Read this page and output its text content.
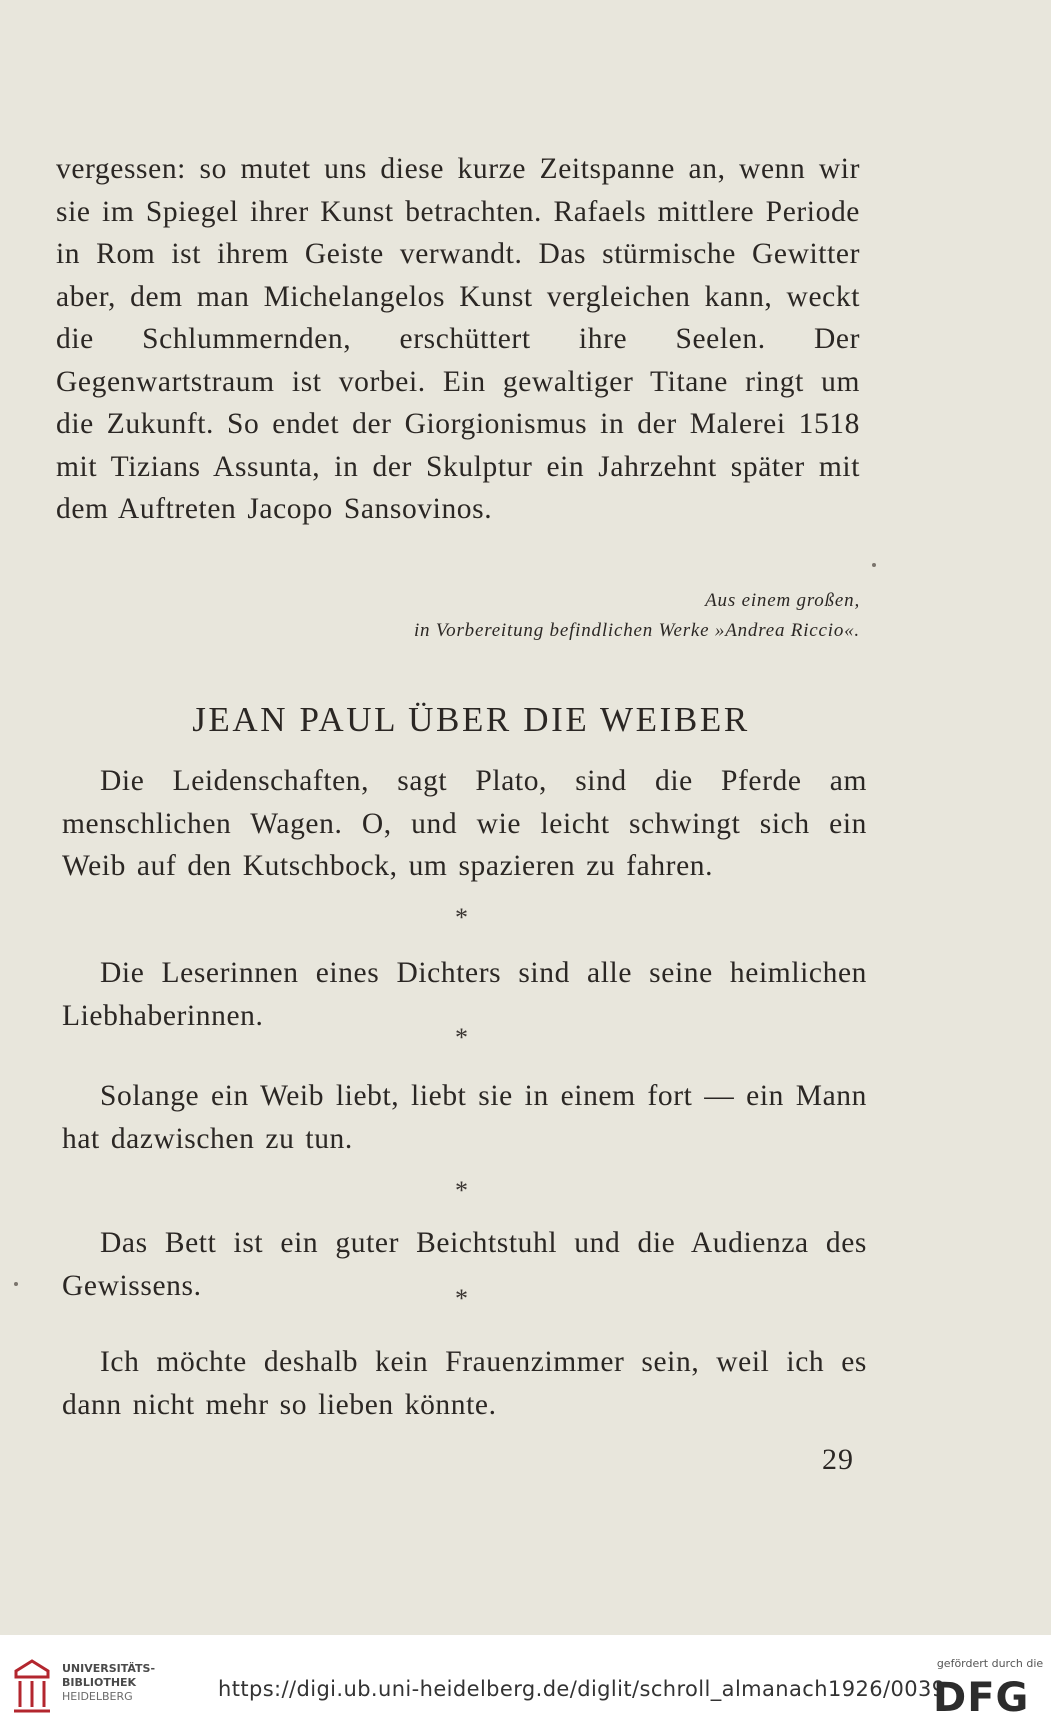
vergessen: so mutet uns diese kurze Zeitspanne an, wenn wir sie im Spiegel ihrer Kunst betrachten. Rafaels mittlere Periode in Rom ist ihrem Geiste verwandt. Das stürmische Gewitter aber, dem man Michelangelos Kunst vergleichen kann, weckt die Schlummernden, erschüttert ihre Seelen. Der Gegenwartstraum ist vorbei. Ein gewaltiger Titane ringt um die Zukunft. So endet der Giorgionismus in der Malerei 1518 mit Tizians Assunta, in der Skulptur ein Jahrzehnt später mit dem Auftreten Jacopo Sansovinos.

Aus einem großen,
in Vorbereitung befindlichen Werke »Andrea Riccio«.
JEAN PAUL ÜBER DIE WEIBER

Die Leidenschaften, sagt Plato, sind die Pferde am menschlichen Wagen. O, und wie leicht schwingt sich ein Weib auf den Kutschbock, um spazieren zu fahren.

*

Die Leserinnen eines Dichters sind alle seine heimlichen Liebhaberinnen.

*

Solange ein Weib liebt, liebt sie in einem fort — ein Mann hat dazwischen zu tun.

*

Das Bett ist ein guter Beichtstuhl und die Audienza des Gewissens.	*

Ich möchte deshalb kein Frauenzimmer sein, weil ich es dann nicht mehr so lieben könnte.

29
UNIVERSITÄTS-
BIBLIOTHEK
HEIDELBERG	https://digi.ub.uni-heidelberg.de/diglit/schroll_almanach1926/0039
gefördert durch die
DFG
